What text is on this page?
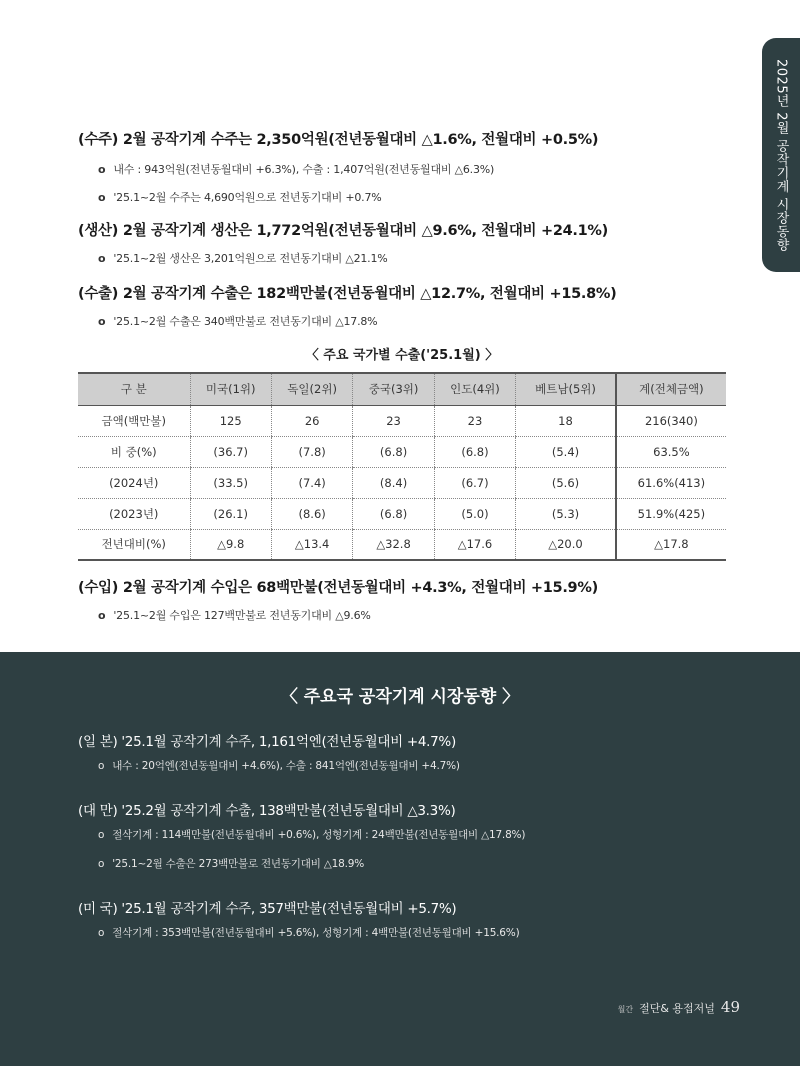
2025년 2월 공작기계 시장동향
(수주) 2월 공작기계 수주는 2,350억원(전년동월대비 △1.6%, 전월대비 +0.5%)
o 내수 : 943억원(전년동월대비 +6.3%), 수출 : 1,407억원(전년동월대비 △6.3%)
o '25.1~2월 수주는 4,690억원으로 전년동기대비 +0.7%
(생산) 2월 공작기계 생산은 1,772억원(전년동월대비 △9.6%, 전월대비 +24.1%)
o '25.1~2월 생산은 3,201억원으로 전년동기대비 △21.1%
(수출) 2월 공작기계 수출은 182백만불(전년동월대비 △12.7%, 전월대비 +15.8%)
o '25.1~2월 수출은 340백만불로 전년동기대비 △17.8%
〈 주요 국가별 수출('25.1월) 〉
구 분	미국(1위)	독일(2위)	중국(3위)	인도(4위)	베트남(5위)	계(전체금액)
금액(백만불)	125	26	23	23	18	216(340)
비 중(%)	(36.7)	(7.8)	(6.8)	(6.8)	(5.4)	63.5%
(2024년)	(33.5)	(7.4)	(8.4)	(6.7)	(5.6)	61.6%(413)
(2023년)	(26.1)	(8.6)	(6.8)	(5.0)	(5.3)	51.9%(425)
전년대비(%)	△9.8	△13.4	△32.8	△17.6	△20.0	△17.8
(수입) 2월 공작기계 수입은 68백만불(전년동월대비 +4.3%, 전월대비 +15.9%)
o '25.1~2월 수입은 127백만불로 전년동기대비 △9.6%
〈 주요국 공작기계 시장동향 〉
(일 본) '25.1월 공작기계 수주, 1,161억엔(전년동월대비 +4.7%)
o 내수 : 20억엔(전년동월대비 +4.6%), 수출 : 841억엔(전년동월대비 +4.7%)
(대 만) '25.2월 공작기계 수출, 138백만불(전년동월대비 △3.3%)
o 절삭기계 : 114백만불(전년동월대비 +0.6%), 성형기계 : 24백만불(전년동월대비 △17.8%)
o '25.1~2월 수출은 273백만불로 전년동기대비 △18.9%
(미 국) '25.1월 공작기계 수주, 357백만불(전년동월대비 +5.7%)
o 절삭기계 : 353백만불(전년동월대비 +5.6%), 성형기계 : 4백만불(전년동월대비 +15.6%)
월간 절단& 용접저널 49
